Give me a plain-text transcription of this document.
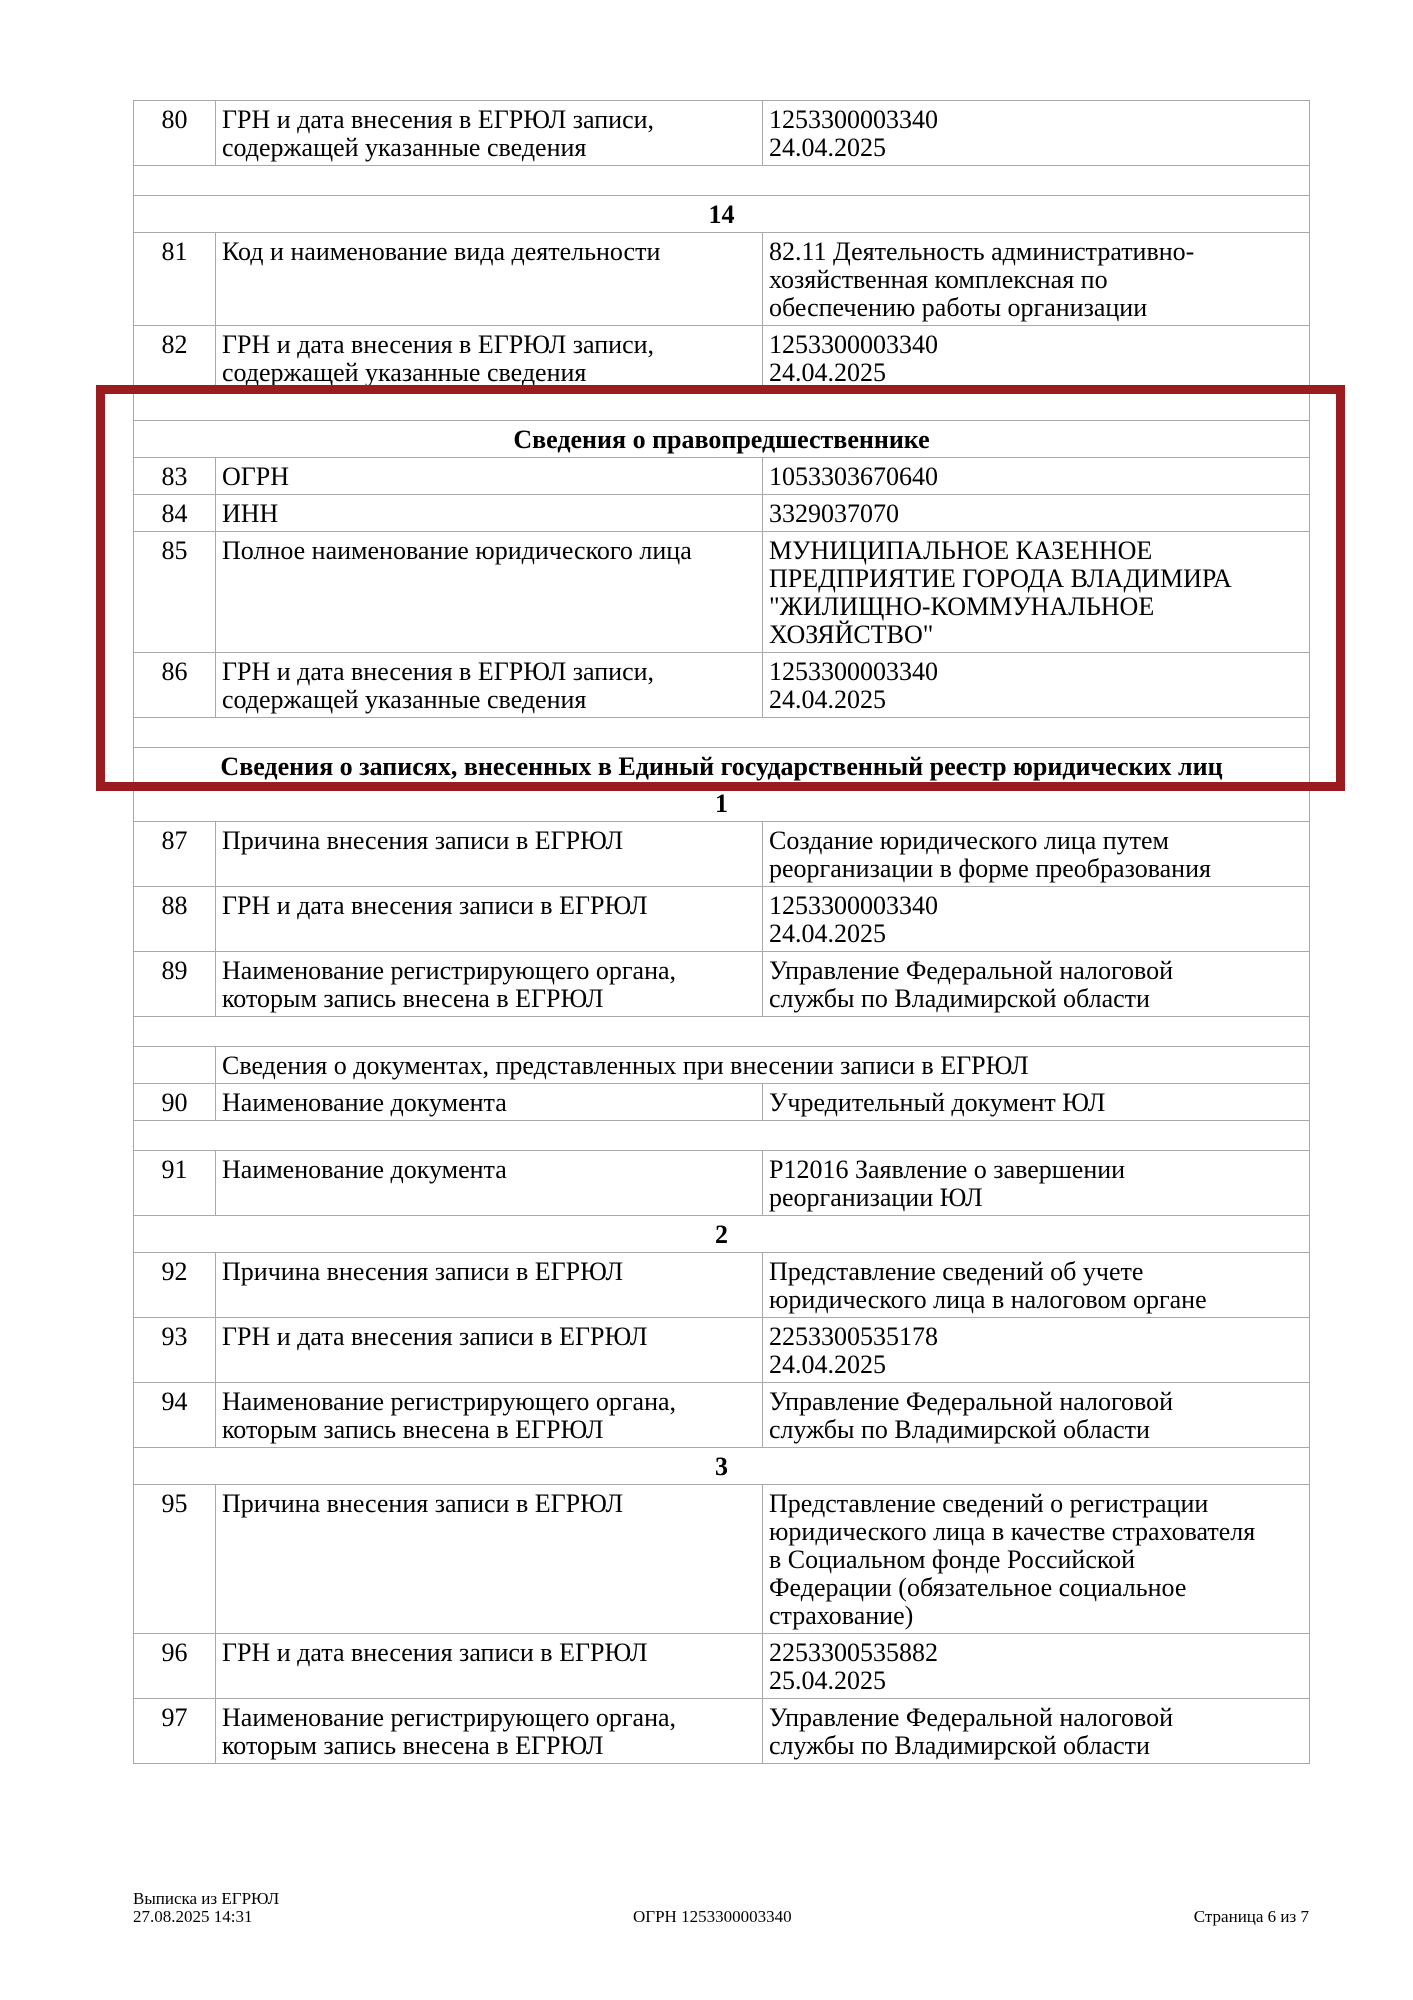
80	ГРН и дата внесения в ЕГРЮЛ записи,
содержащей указанные сведения	1253300003340
24.04.2025

14		
81	Код и наименование вида деятельности	82.11 Деятельность административно-
хозяйственная комплексная по
обеспечению работы организации
82	ГРН и дата внесения в ЕГРЮЛ записи,
содержащей указанные сведения	1253300003340
24.04.2025

Сведения о правопредшественнике		
83	ОГРН	1053303670640
84	ИНН	3329037070
85	Полное наименование юридического лица	МУНИЦИПАЛЬНОЕ КАЗЕННОЕ
ПРЕДПРИЯТИЕ ГОРОДА ВЛАДИМИРА
"ЖИЛИЩНО-КОММУНАЛЬНОЕ
ХОЗЯЙСТВО"
86	ГРН и дата внесения в ЕГРЮЛ записи,
содержащей указанные сведения	1253300003340
24.04.2025

Сведения о записях, внесенных в Единый государственный реестр юридических лиц		
1		
87	Причина внесения записи в ЕГРЮЛ	Создание юридического лица путем
реорганизации в форме преобразования
88	ГРН и дата внесения записи в ЕГРЮЛ	1253300003340
24.04.2025
89	Наименование регистрирующего органа,
которым запись внесена в ЕГРЮЛ	Управление Федеральной налоговой
службы по Владимирской области

	Сведения о документах, представленных при внесении записи в ЕГРЮЛ	
90	Наименование документа	Учредительный документ ЮЛ

91	Наименование документа	Р12016 Заявление о завершении
реорганизации ЮЛ
2		
92	Причина внесения записи в ЕГРЮЛ	Представление сведений об учете
юридического лица в налоговом органе
93	ГРН и дата внесения записи в ЕГРЮЛ	2253300535178
24.04.2025
94	Наименование регистрирующего органа,
которым запись внесена в ЕГРЮЛ	Управление Федеральной налоговой
службы по Владимирской области
3		
95	Причина внесения записи в ЕГРЮЛ	Представление сведений о регистрации
юридического лица в качестве страхователя
в Социальном фонде Российской
Федерации (обязательное социальное
страхование)
96	ГРН и дата внесения записи в ЕГРЮЛ	2253300535882
25.04.2025
97	Наименование регистрирующего органа,
которым запись внесена в ЕГРЮЛ	Управление Федеральной налоговой
службы по Владимирской области
Выписка из ЕГРЮЛ
27.08.2025 14:31	ОГРН 1253300003340	Страница 6 из 7
